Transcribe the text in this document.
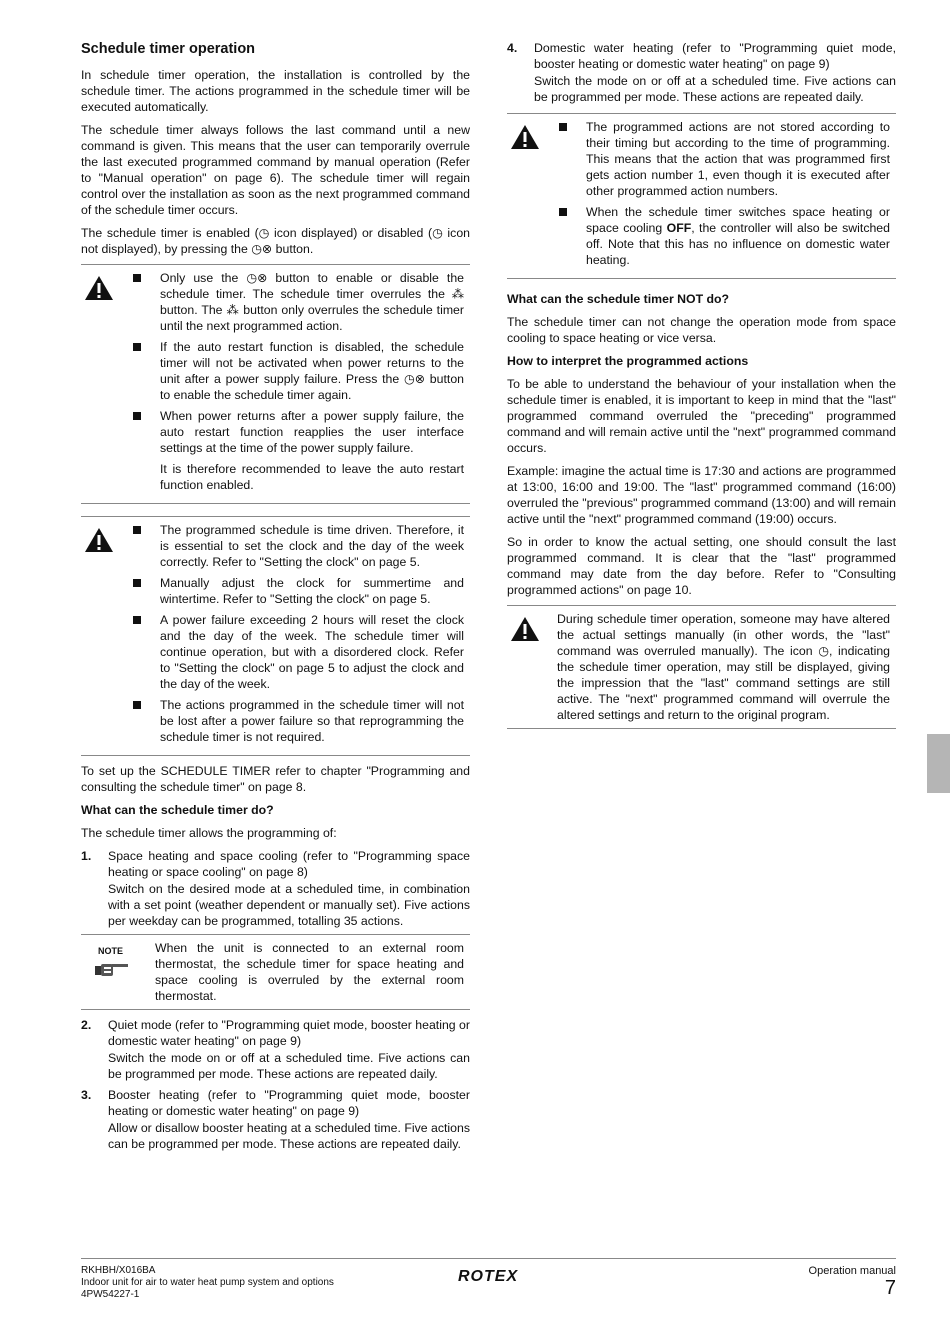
Schedule timer operation

In schedule timer operation, the installation is controlled by the schedule timer. The actions programmed in the schedule timer will be executed automatically.

The schedule timer always follows the last command until a new command is given. This means that the user can temporarily overrule the last executed programmed command by manual operation (Refer to "Manual operation" on page 6). The schedule timer will regain control over the installation as soon as the next programmed command of the schedule timer occurs.

The schedule timer is enabled (◷ icon displayed) or disabled (◷ icon not displayed), by pressing the ◷⊗ button.

Only use the ◷⊗ button to enable or disable the schedule timer. The schedule timer overrules the ⁂ button. The ⁂ button only overrules the schedule timer until the next programmed action.
If the auto restart function is disabled, the schedule timer will not be activated when power returns to the unit after a power supply failure. Press the ◷⊗ button to enable the schedule timer again.
When power returns after a power supply failure, the auto restart function reapplies the user interface settings at the time of the power supply failure.
It is therefore recommended to leave the auto restart function enabled.
The programmed schedule is time driven. Therefore, it is essential to set the clock and the day of the week correctly. Refer to "Setting the clock" on page 5.
Manually adjust the clock for summertime and wintertime. Refer to "Setting the clock" on page 5.
A power failure exceeding 2 hours will reset the clock and the day of the week. The schedule timer will continue operation, but with a disordered clock. Refer to "Setting the clock" on page 5 to adjust the clock and the day of the week.
The actions programmed in the schedule timer will not be lost after a power failure so that reprogramming the schedule timer is not required.

To set up the SCHEDULE TIMER refer to chapter "Programming and consulting the schedule timer" on page 8.

What can the schedule timer do?

The schedule timer allows the programming of:

1. Space heating and space cooling (refer to "Programming space heating or space cooling" on page 8)

Switch on the desired mode at a scheduled time, in combination with a set point (weather dependent or manually set). Five actions per weekday can be programmed, totalling 35 actions.

NOTE	When the unit is connected to an external room thermostat, the schedule timer for space heating and space cooling is overruled by the external room thermostat.

2. Quiet mode (refer to "Programming quiet mode, booster heating or domestic water heating" on page 9)

Switch the mode on or off at a scheduled time. Five actions can be programmed per mode. These actions are repeated daily.

3. Booster heating (refer to "Programming quiet mode, booster heating or domestic water heating" on page 9)

Allow or disallow booster heating at a scheduled time. Five actions can be programmed per mode. These actions are repeated daily.

4. Domestic water heating (refer to "Programming quiet mode, booster heating or domestic water heating" on page 9)

Switch the mode on or off at a scheduled time. Five actions can be programmed per mode. These actions are repeated daily.

The programmed actions are not stored according to their timing but according to the time of programming. This means that the action that was programmed first gets action number 1, even though it is executed after other programmed action numbers.
When the schedule timer switches space heating or space cooling OFF, the controller will also be switched off. Note that this has no influence on domestic water heating.
What can the schedule timer NOT do?

The schedule timer can not change the operation mode from space cooling to space heating or vice versa.

How to interpret the programmed actions

To be able to understand the behaviour of your installation when the schedule timer is enabled, it is important to keep in mind that the "last" programmed command overruled the "preceding" programmed command and will remain active until the "next" programmed command occurs.

Example: imagine the actual time is 17:30 and actions are programmed at 13:00, 16:00 and 19:00. The "last" programmed command (16:00) overruled the "previous" programmed command (13:00) and will remain active until the "next" programmed command (19:00) occurs.

So in order to know the actual setting, one should consult the last programmed command. It is clear that the "last" programmed command may date from the day before. Refer to "Consulting programmed actions" on page 10.

During schedule timer operation, someone may have altered the actual settings manually (in other words, the "last" command was overruled manually). The icon ◷, indicating the schedule timer operation, may still be displayed, giving the impression that the "last" command settings are still active. The "next" programmed command will overrule the altered settings and return to the original program.

RKHBH/X016BA
Indoor unit for air to water heat pump system and options
4PW54227-1
ROTEX	Operation manual
7
